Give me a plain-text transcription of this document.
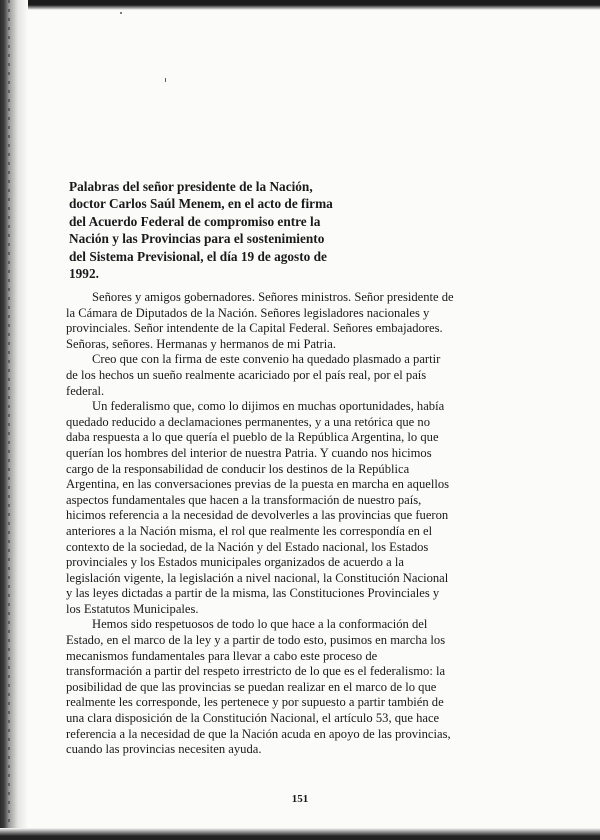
Palabras del señor presidente de la Nación,
doctor Carlos Saúl Menem, en el acto de firma
del Acuerdo Federal de compromiso entre la
Nación y las Provincias para el sostenimiento
del Sistema Previsional, el día 19 de agosto de
1992.

Señores y amigos gobernadores. Señores ministros. Señor presidente de
la Cámara de Diputados de la Nación. Señores legisladores nacionales y
provinciales. Señor intendente de la Capital Federal. Señores embajadores.
Señoras, señores. Hermanas y hermanos de mi Patria.

Creo que con la firma de este convenio ha quedado plasmado a partir
de los hechos un sueño realmente acariciado por el país real, por el país
federal.

Un federalismo que, como lo dijimos en muchas oportunidades, había
quedado reducido a declamaciones permanentes, y a una retórica que no
daba respuesta a lo que quería el pueblo de la República Argentina, lo que
querían los hombres del interior de nuestra Patria. Y cuando nos hicimos
cargo de la responsabilidad de conducir los destinos de la República
Argentina, en las conversaciones previas de la puesta en marcha en aquellos
aspectos fundamentales que hacen a la transformación de nuestro país,
hicimos referencia a la necesidad de devolverles a las provincias que fueron
anteriores a la Nación misma, el rol que realmente les correspondía en el
contexto de la sociedad, de la Nación y del Estado nacional, los Estados
provinciales y los Estados municipales organizados de acuerdo a la
legislación vigente, la legislación a nivel nacional, la Constitución Nacional
y las leyes dictadas a partir de la misma, las Constituciones Provinciales y
los Estatutos Municipales.

Hemos sido respetuosos de todo lo que hace a la conformación del
Estado, en el marco de la ley y a partir de todo esto, pusimos en marcha los
mecanismos fundamentales para llevar a cabo este proceso de
transformación a partir del respeto irrestricto de lo que es el federalismo: la
posibilidad de que las provincias se puedan realizar en el marco de lo que
realmente les corresponde, les pertenece y por supuesto a partir también de
una clara disposición de la Constitución Nacional, el artículo 53, que hace
referencia a la necesidad de que la Nación acuda en apoyo de las provincias,
cuando las provincias necesiten ayuda.

151
